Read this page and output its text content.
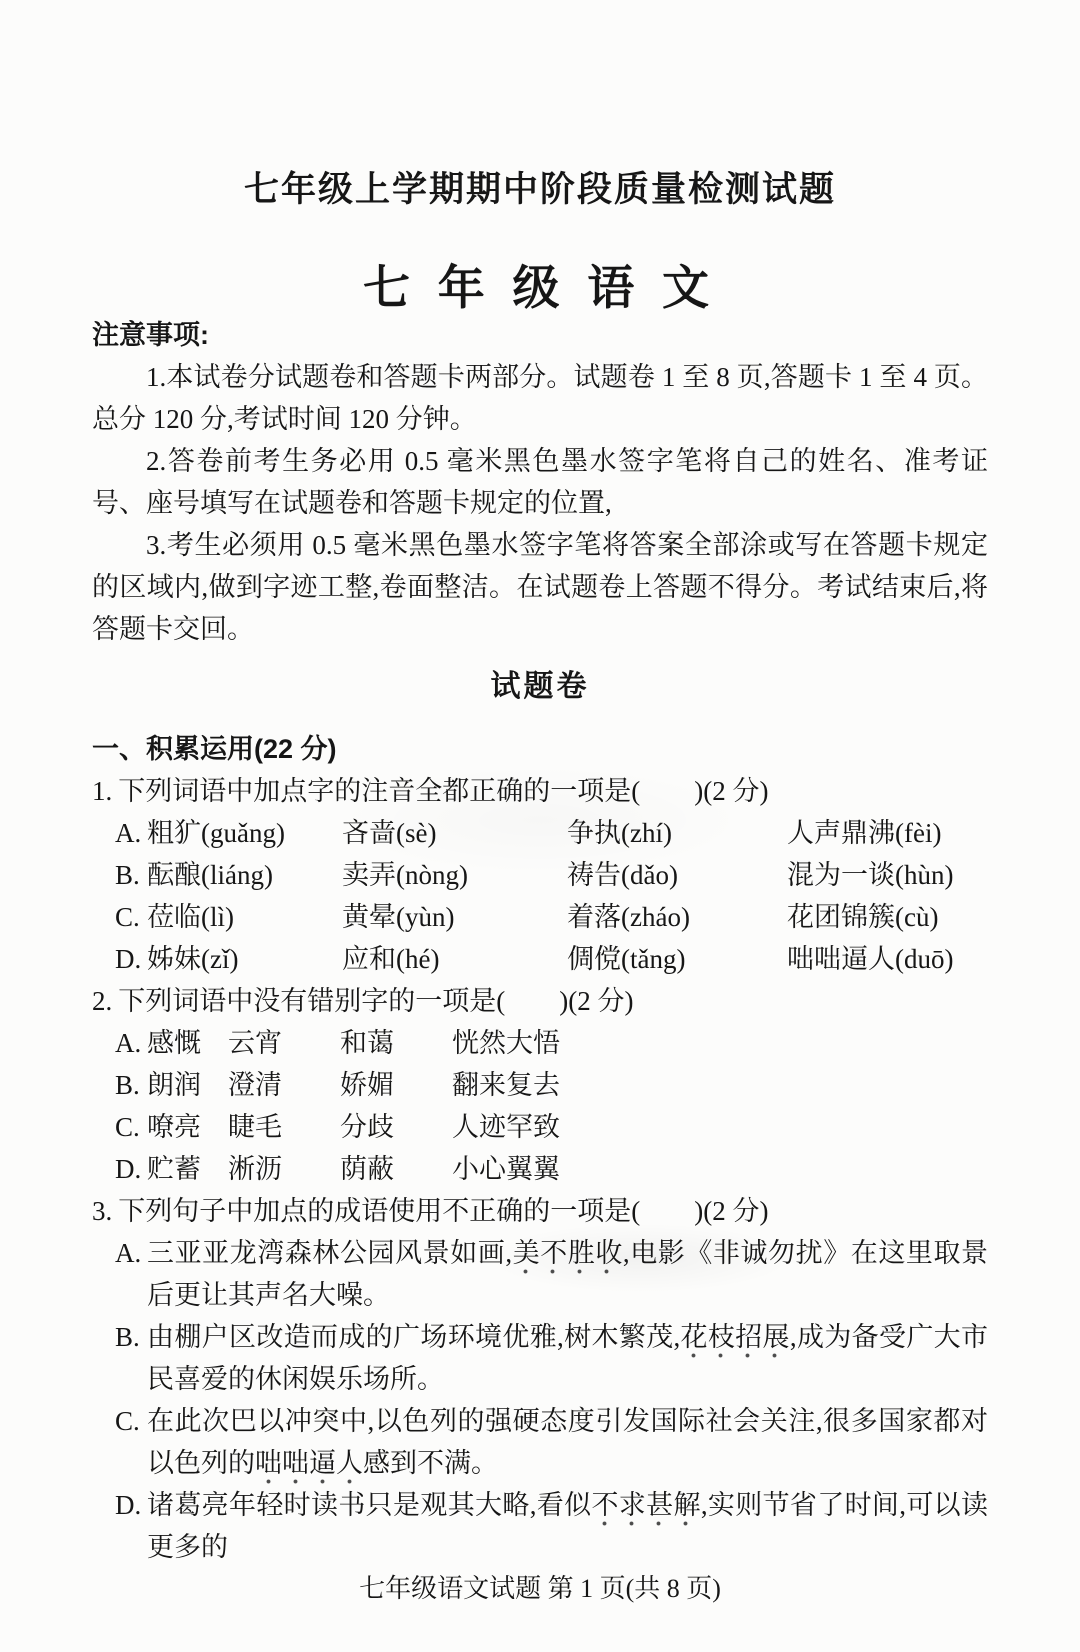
七年级上学期期中阶段质量检测试题
七 年 级 语 文
注意事项:

1.本试卷分试题卷和答题卡两部分。试题卷 1 至 8 页,答题卡 1 至 4 页。总分 120 分,考试时间 120 分钟。

2.答卷前考生务必用 0.5 毫米黑色墨水签字笔将自己的姓名、准考证号、座号填写在试题卷和答题卡规定的位置,

3.考生必须用 0.5 毫米黑色墨水签字笔将答案全部涂或写在答题卡规定的区域内,做到字迹工整,卷面整洁。在试题卷上答题不得分。考试结束后,将答题卡交回。

试题卷
一、积累运用(22 分)

1. 下列词语中加点字的注音全都正确的一项是(　　)(2 分)

A. 粗犷(guǎng) 吝啬(sè)	争执(zhí)	人声鼎沸(fèi)
B. 酝酿(liáng)	卖弄(nòng)	祷告(dǎo)	混为一谈(hùn)
C. 莅临(lì)	黄晕(yùn)	着落(zháo)	花团锦簇(cù)
D. 姊妹(zǐ)	应和(hé)	倜傥(tǎng)	咄咄逼人(duō)

2. 下列词语中没有错别字的一项是(　　)(2 分)

A. 感慨 云宵 和蔼 恍然大悟
B. 朗润 澄清 娇媚 翻来复去
C. 嘹亮 睫毛 分歧 人迹罕致
D. 贮蓄 淅沥 荫蔽 小心翼翼

3. 下列句子中加点的成语使用不正确的一项是(　　)(2 分)

A. 三亚亚龙湾森林公园风景如画,美不胜收,电影《非诚勿扰》在这里取景后更让其声名大噪。

B. 由棚户区改造而成的广场环境优雅,树木繁茂,花枝招展,成为备受广大市民喜爱的休闲娱乐场所。

C. 在此次巴以冲突中,以色列的强硬态度引发国际社会关注,很多国家都对以色列的咄咄逼人感到不满。

D. 诸葛亮年轻时读书只是观其大略,看似不求甚解,实则节省了时间,可以读更多的

七年级语文试题 第 1 页(共 8 页)
